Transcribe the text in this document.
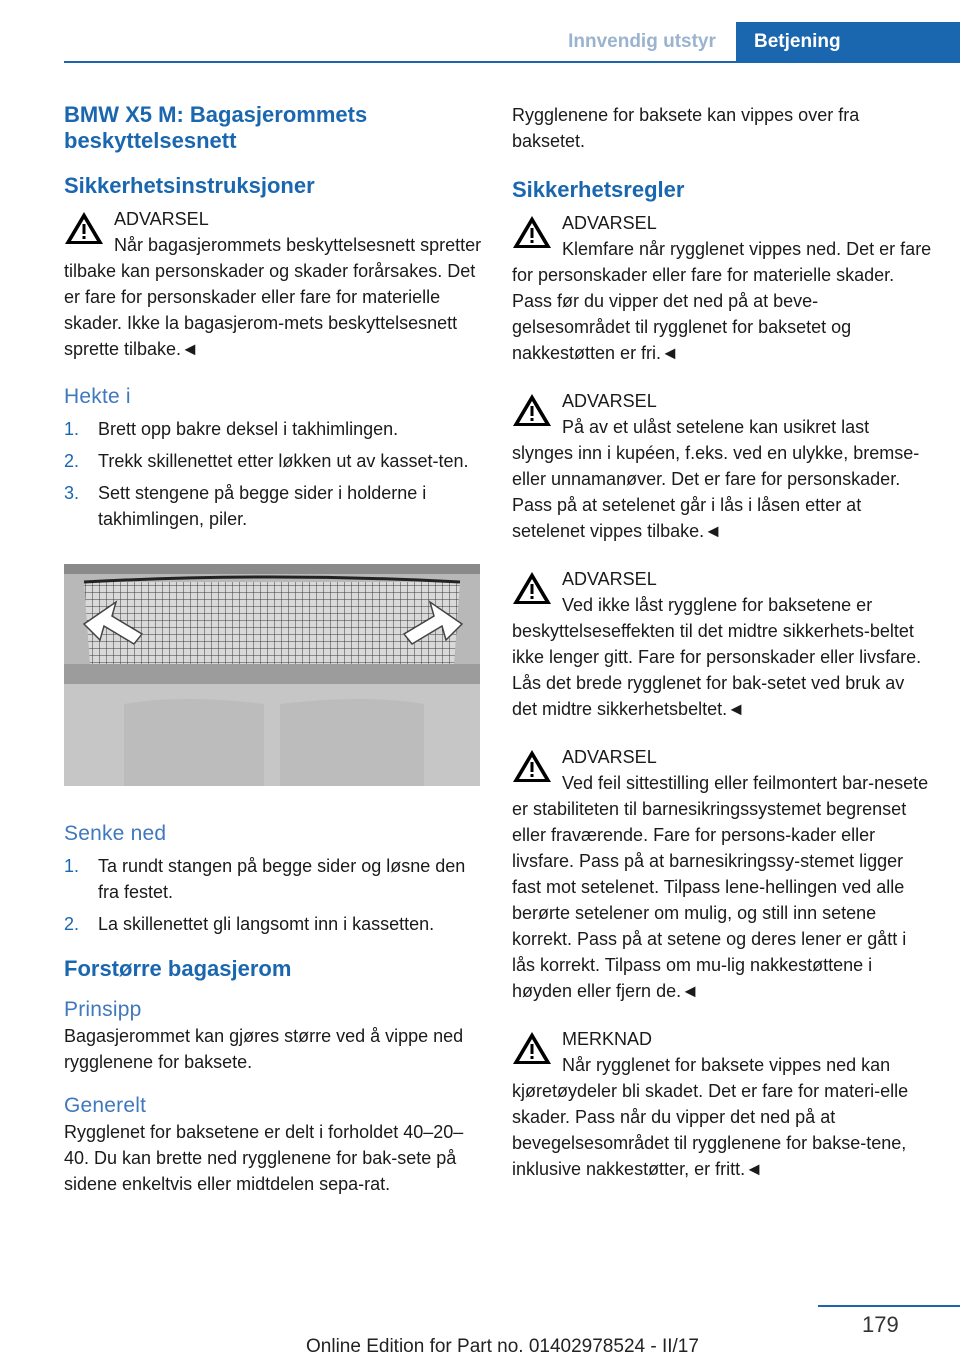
Innvendig utstyr	Betjening
BMW X5 M: Bagasjerommets beskyttelsesnett
Sikkerhetsinstruksjoner
ADVARSEL
Når bagasjerommets beskyttelsesnett spretter tilbake kan personskader og skader forårsakes. Det er fare for personskader eller fare for materielle skader. Ikke la bagasjerom-mets beskyttelsesnett sprette tilbake.◄
Hekte i
1. Brett opp bakre deksel i takhimlingen.
2. Trekk skillenettet etter løkken ut av kasset-ten.
3. Sett stengene på begge sider i holderne i takhimlingen, piler.
Senke ned
1. Ta rundt stangen på begge sider og løsne den fra festet.
2. La skillenettet gli langsomt inn i kassetten.
Forstørre bagasjerom
Prinsipp

Bagasjerommet kan gjøres større ved å vippe ned rygglenene for baksete.

Generelt

Rygglenet for baksetene er delt i forholdet 40–20–40. Du kan brette ned rygglenene for bak-sete på sidene enkeltvis eller midtdelen sepa-rat.

Rygglenene for baksete kan vippes over fra baksetet.

Sikkerhetsregler
ADVARSEL
Klemfare når rygglenet vippes ned. Det er fare for personskader eller fare for materielle skader. Pass før du vipper det ned på at beve-gelsesområdet til rygglenet for baksetet og nakkestøtten er fri.◄
ADVARSEL
På av et ulåst setelene kan usikret last slynges inn i kupéen, f.eks. ved en ulykke, bremse- eller unnamanøver. Det er fare for personskader. Pass på at setelenet går i lås i låsen etter at setelenet vippes tilbake.◄
ADVARSEL
Ved ikke låst rygglene for baksetene er beskyttelseseffekten til det midtre sikkerhets-beltet ikke lenger gitt. Fare for personskader eller livsfare. Lås det brede rygglenet for bak-setet ved bruk av det midtre sikkerhetsbeltet.◄
ADVARSEL
Ved feil sittestilling eller feilmontert bar-nesete er stabiliteten til barnesikringssystemet begrenset eller fraværende. Fare for persons-kader eller livsfare. Pass på at barnesikringssy-stemet ligger fast mot setelenet. Tilpass lene-hellingen ved alle berørte setelener om mulig, og still inn setene korrekt. Pass på at setene og deres lener er gått i lås korrekt. Tilpass om mu-lig nakkestøttene i høyden eller fjern de.◄
MERKNAD
Når rygglenet for baksete vippes ned kan kjøretøydeler bli skadet. Det er fare for materi-elle skader. Pass når du vipper det ned på at bevegelsesområdet til rygglenene for bakse-tene, inklusive nakkestøtter, er fritt.◄
179
Online Edition for Part no. 01402978524 - II/17
